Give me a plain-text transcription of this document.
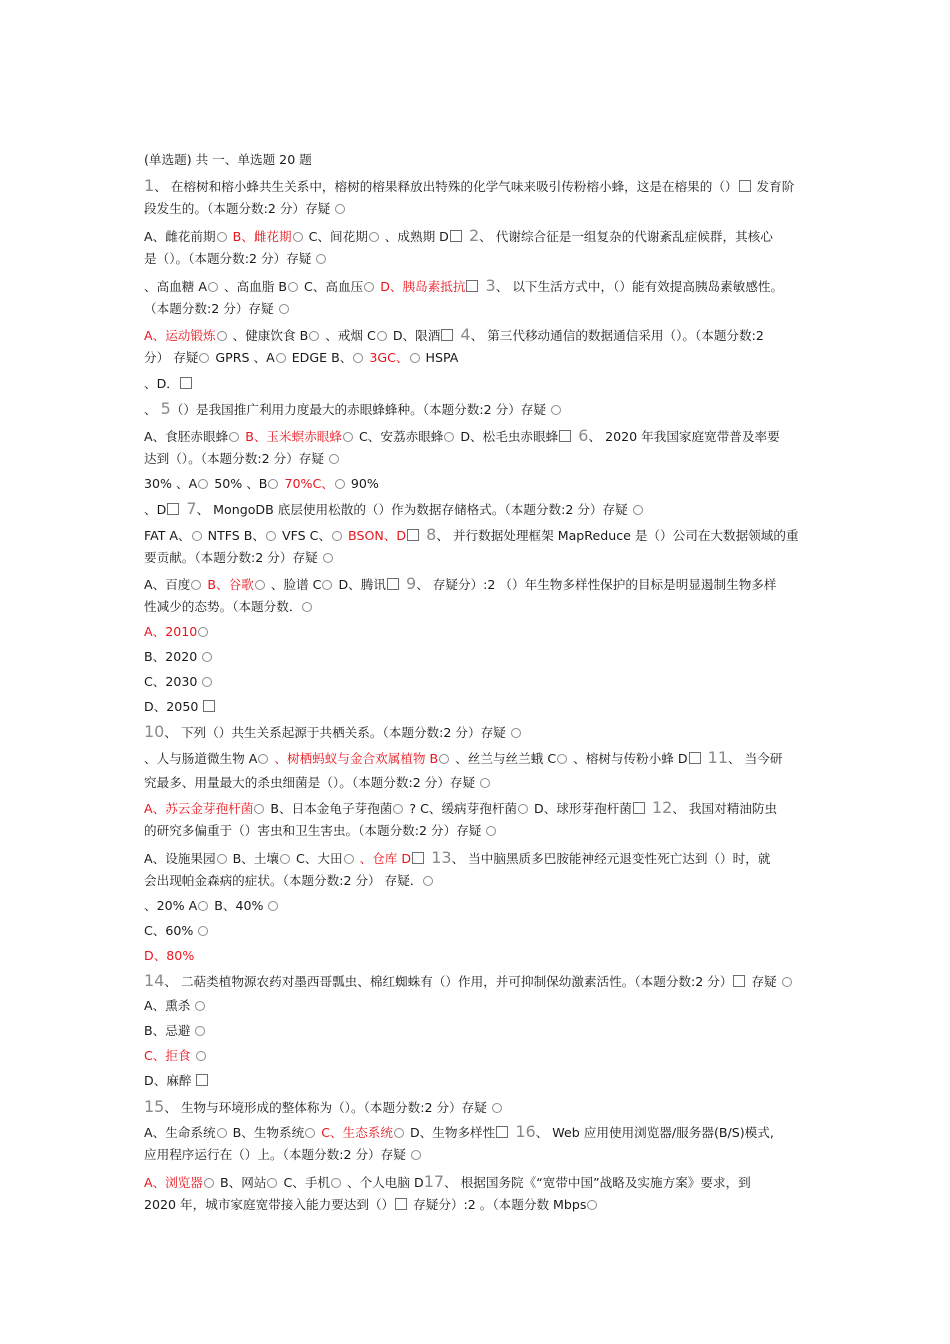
(单选题) 共 一、单选题 20 题
1、 在榕树和榕小蜂共生关系中，榕树的榕果释放出特殊的化学气味来吸引传粉榕小蜂，这是在榕果的（） 发育阶
段发生的。（本题分数:2 分）存疑
A、雌花前期 B、雌花期 C、间花期 、成熟期 D 2、 代谢综合征是一组复杂的代谢紊乱症候群，其核心
是（）。（本题分数:2 分）存疑
、高血糖 A 、高血脂 B C、高血压 D、胰岛素抵抗 3、 以下生活方式中，（）能有效提高胰岛素敏感性。
（本题分数:2 分）存疑
A、运动锻炼 、健康饮食 B 、戒烟 C D、限酒 4、 第三代移动通信的数据通信采用（）。（本题分数:2
分） 存疑 GPRS 、A EDGE B、 3GC、 HSPA
、D．
、 5（）是我国推广利用力度最大的赤眼蜂蜂种。（本题分数:2 分）存疑
A、食胚赤眼蜂 B、玉米螟赤眼蜂 C、安荔赤眼蜂 D、松毛虫赤眼蜂 6、 2020 年我国家庭宽带普及率要
达到（）。（本题分数:2 分）存疑
30% 、A 50% 、B 70%C、 90%
、D 7、 MongoDB 底层使用松散的（）作为数据存储格式。（本题分数:2 分）存疑
FAT A、 NTFS B、 VFS C、 BSON、D 8、 并行数据处理框架 MapReduce 是（）公司在大数据领域的重
要贡献。（本题分数:2 分）存疑
A、百度 B、谷歌 、脸谱 C D、腾讯 9、 存疑分）:2 （）年生物多样性保护的目标是明显遏制生物多样
性减少的态势。（本题分数．
A、2010
B、2020
C、2030
D、2050
10、 下列（）共生关系起源于共栖关系。（本题分数:2 分）存疑
、人与肠道微生物 A 、树栖蚂蚁与金合欢属植物 B 、丝兰与丝兰蛾 C 、榕树与传粉小蜂 D 11、 当今研
究最多、用量最大的杀虫细菌是（）。（本题分数:2 分）存疑
A、苏云金芽孢杆菌 B、日本金龟子芽孢菌 ? C、缓病芽孢杆菌 D、球形芽孢杆菌 12、 我国对精油防虫
的研究多偏重于（）害虫和卫生害虫。（本题分数:2 分）存疑
A、设施果园 B、土壤 C、大田 、仓库 D 13、 当中脑黑质多巴胺能神经元退变性死亡达到（）时，就
会出现帕金森病的症状。（本题分数:2 分） 存疑．
、20% A B、40%
C、60%
D、80%
14、 二萜类植物源农药对墨西哥瓢虫、棉红蜘蛛有（）作用，并可抑制保幼激素活性。（本题分数:2 分） 存疑
A、熏杀
B、忌避
C、拒食
D、麻醉
15、 生物与环境形成的整体称为（）。（本题分数:2 分）存疑
A、生命系统 B、生物系统 C、生态系统 D、生物多样性 16、 Web 应用使用浏览器/服务器(B/S)模式,
应用程序运行在（）上。（本题分数:2 分）存疑
A、浏览器 B、网站 C、手机 、个人电脑 D17、 根据国务院《“宽带中国”战略及实施方案》要求，到
2020 年，城市家庭宽带接入能力要达到（） 存疑分）:2 。（本题分数 Mbps
